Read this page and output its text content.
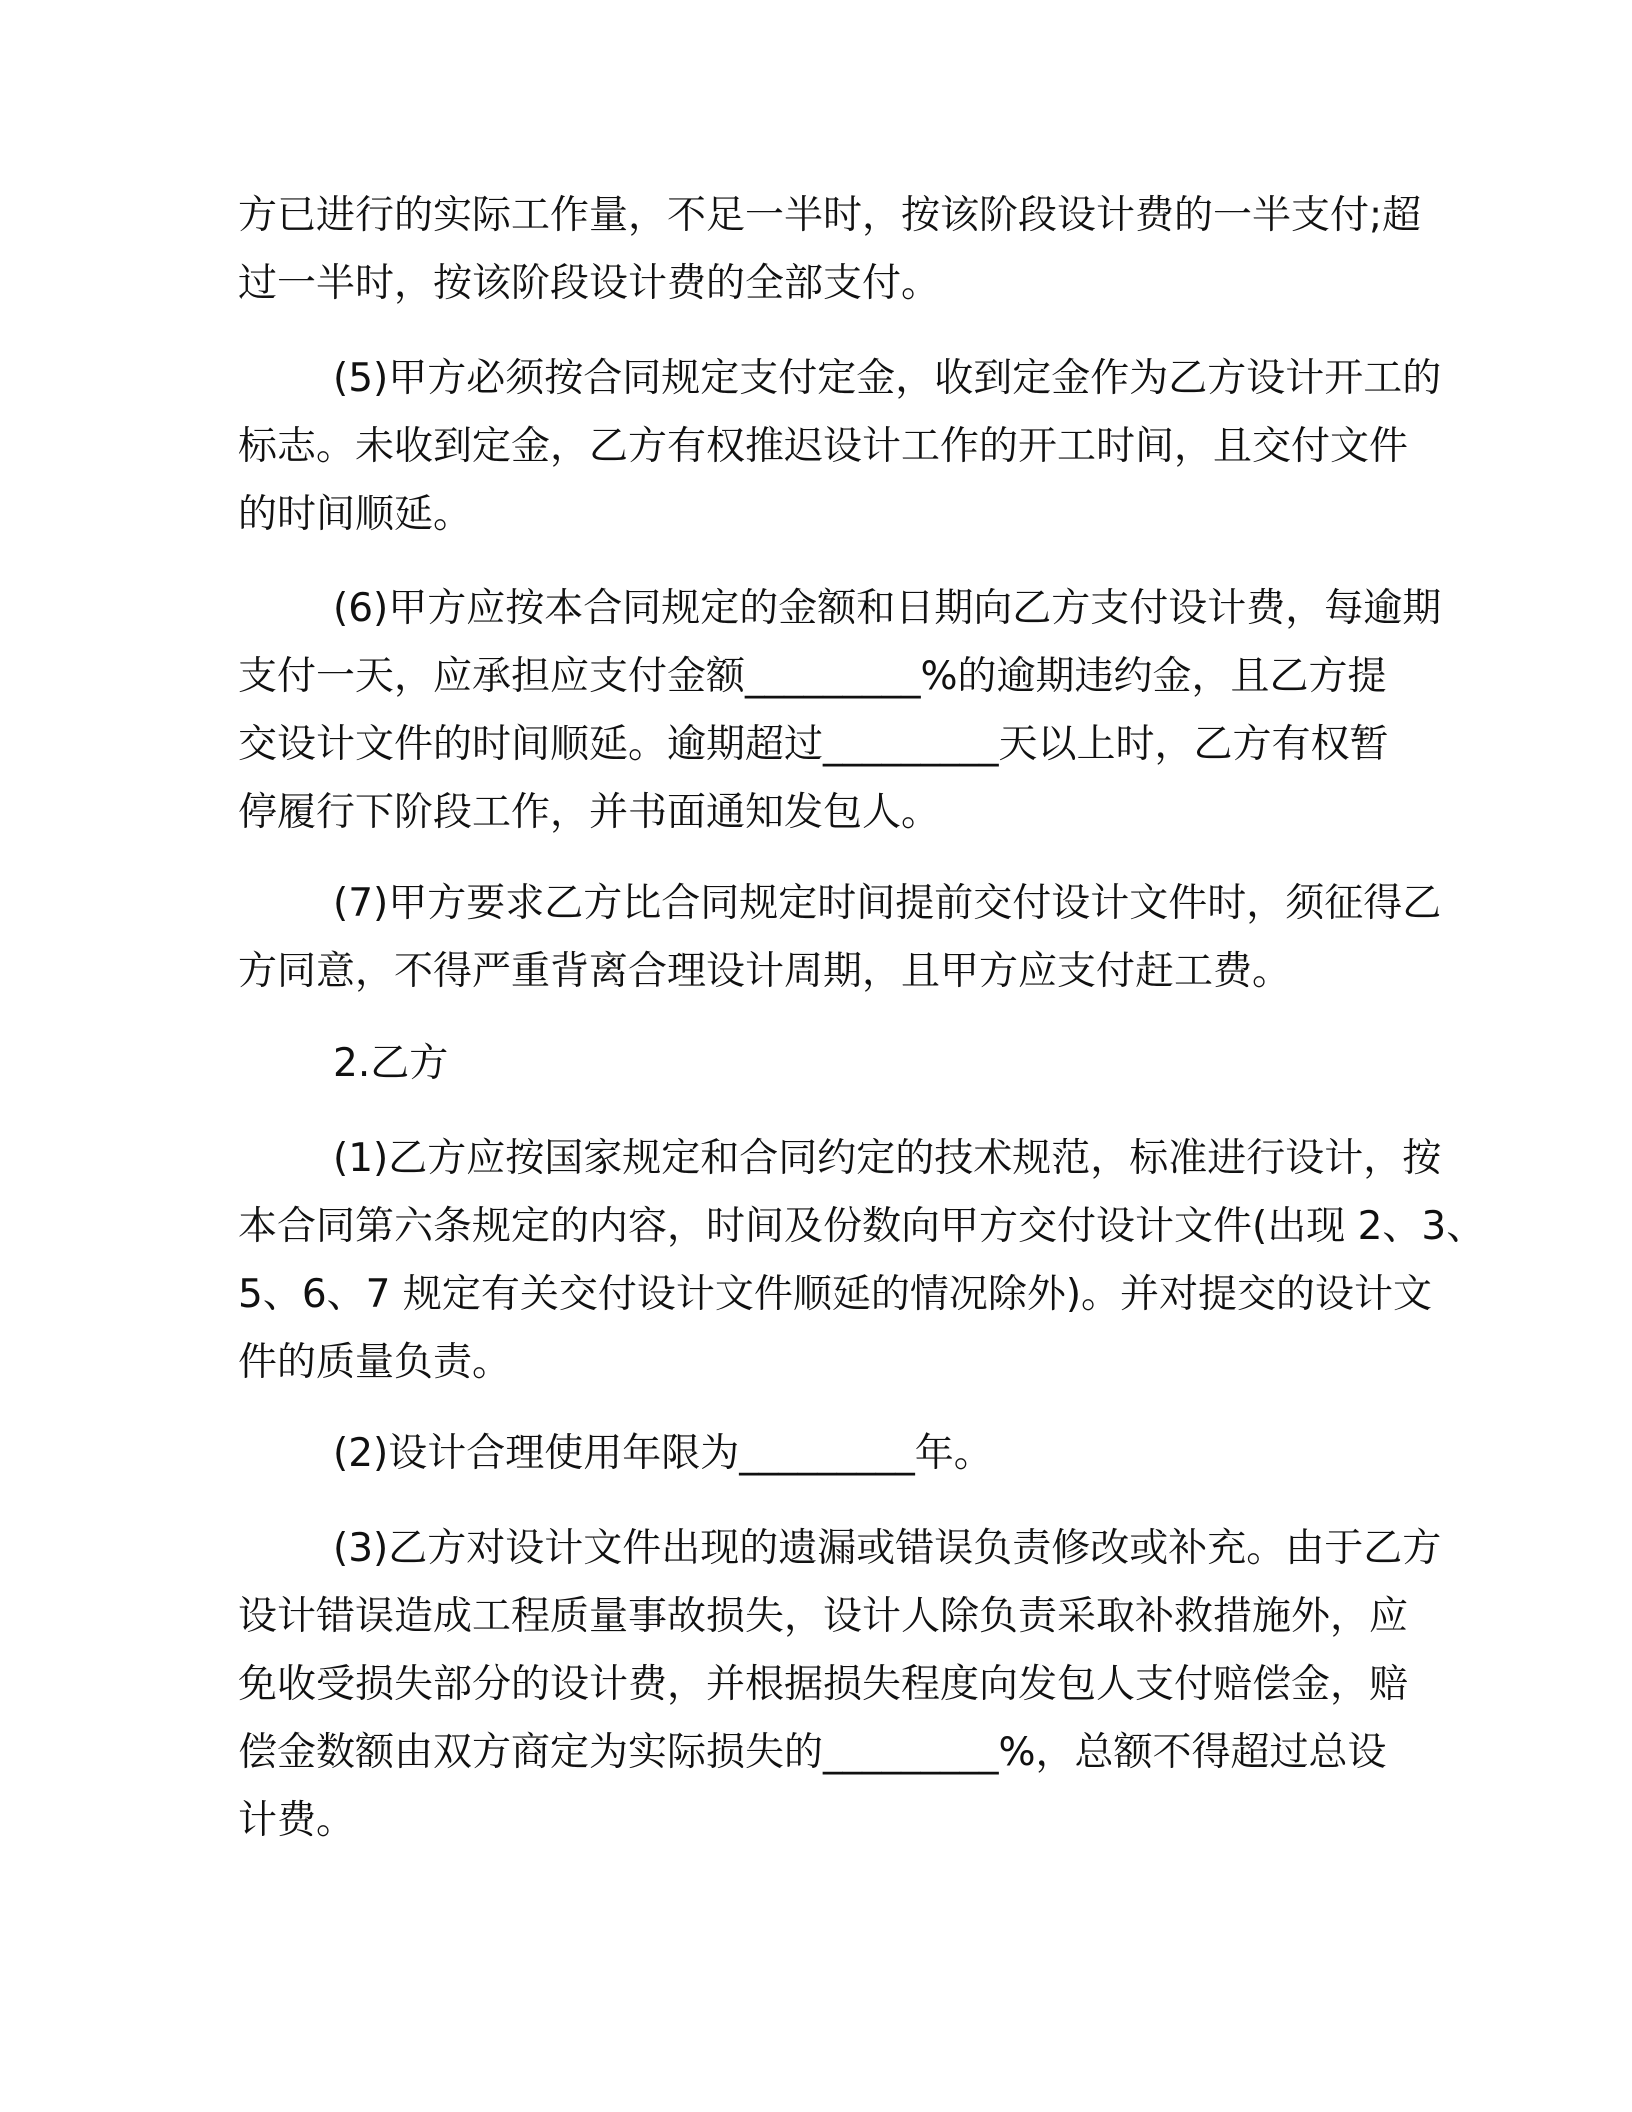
方已进行的实际工作量，不足一半时，按该阶段设计费的一半支付;超
过一半时，按该阶段设计费的全部支付。
(5)甲方必须按合同规定支付定金，收到定金作为乙方设计开工的
标志。未收到定金，乙方有权推迟设计工作的开工时间，且交付文件
的时间顺延。
(6)甲方应按本合同规定的金额和日期向乙方支付设计费，每逾期
支付一天，应承担应支付金额_________%的逾期违约金，且乙方提
交设计文件的时间顺延。逾期超过_________天以上时，乙方有权暂
停履行下阶段工作，并书面通知发包人。
(7)甲方要求乙方比合同规定时间提前交付设计文件时，须征得乙
方同意，不得严重背离合理设计周期，且甲方应支付赶工费。
2.乙方
(1)乙方应按国家规定和合同约定的技术规范，标准进行设计，按
本合同第六条规定的内容，时间及份数向甲方交付设计文件(出现 2、3、
5、6、7 规定有关交付设计文件顺延的情况除外)。并对提交的设计文
件的质量负责。
(2)设计合理使用年限为_________年。
(3)乙方对设计文件出现的遗漏或错误负责修改或补充。由于乙方
设计错误造成工程质量事故损失，设计人除负责采取补救措施外，应
免收受损失部分的设计费，并根据损失程度向发包人支付赔偿金，赔
偿金数额由双方商定为实际损失的_________%，总额不得超过总设
计费。
